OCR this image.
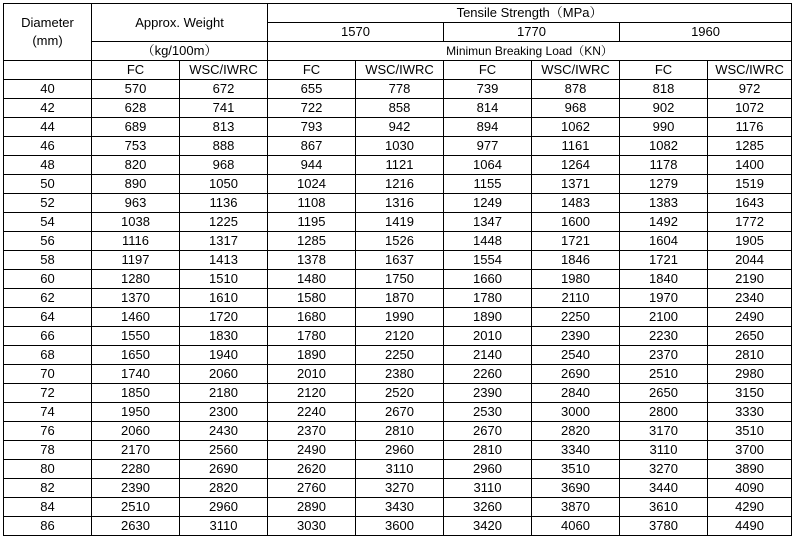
Diameter
(mm)	Approx. Weight		Tensile Strength（MPa）					
			1570		1770		1960	
	（kg/100m）		Minimun Breaking Load（KN）					
	FC	WSC/IWRC	FC	WSC/IWRC	FC	WSC/IWRC	FC	WSC/IWRC
40	570	672	655	778	739	878	818	972
42	628	741	722	858	814	968	902	1072
44	689	813	793	942	894	1062	990	1176
46	753	888	867	1030	977	1161	1082	1285
48	820	968	944	1121	1064	1264	1178	1400
50	890	1050	1024	1216	1155	1371	1279	1519
52	963	1136	1108	1316	1249	1483	1383	1643
54	1038	1225	1195	1419	1347	1600	1492	1772
56	1116	1317	1285	1526	1448	1721	1604	1905
58	1197	1413	1378	1637	1554	1846	1721	2044
60	1280	1510	1480	1750	1660	1980	1840	2190
62	1370	1610	1580	1870	1780	2110	1970	2340
64	1460	1720	1680	1990	1890	2250	2100	2490
66	1550	1830	1780	2120	2010	2390	2230	2650
68	1650	1940	1890	2250	2140	2540	2370	2810
70	1740	2060	2010	2380	2260	2690	2510	2980
72	1850	2180	2120	2520	2390	2840	2650	3150
74	1950	2300	2240	2670	2530	3000	2800	3330
76	2060	2430	2370	2810	2670	2820	3170	3510
78	2170	2560	2490	2960	2810	3340	3110	3700
80	2280	2690	2620	3110	2960	3510	3270	3890
82	2390	2820	2760	3270	3110	3690	3440	4090
84	2510	2960	2890	3430	3260	3870	3610	4290
86	2630	3110	3030	3600	3420	4060	3780	4490
